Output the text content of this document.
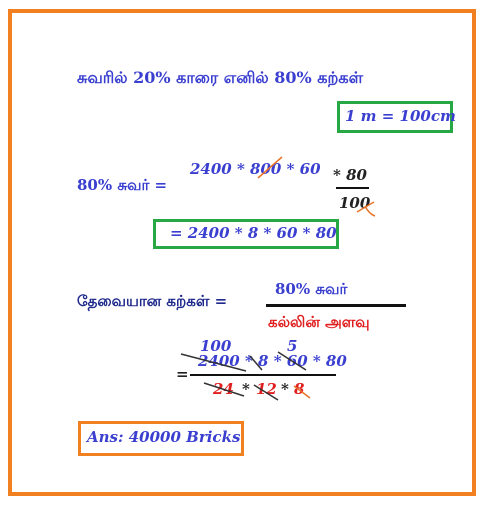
சுவரில் 20% காரை எனில் 80% கற்கள்
1 m = 100cm
80% சுவர் =
2400 * 800 * 60 * 80
100
= 2400 * 8 * 60 * 80
தேவையான கற்கள் =
80% சுவர்
கல்லின் அளவு
100	5
2400 * 8 * 60 * 80
=
24 * 12 * 8
Ans: 40000 Bricks
